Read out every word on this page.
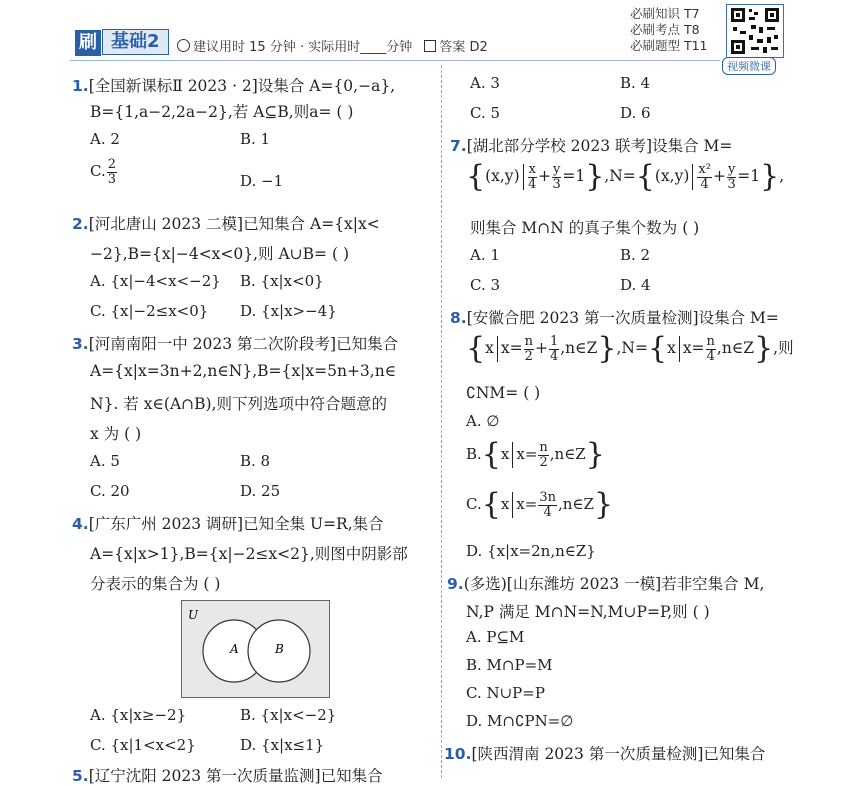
刷 基础2	建议用时 15 分钟 · 实际用时____分钟 答案 D2
必刷知识 T7
必刷考点 T8
必刷题型 T11
视频微课
1.[全国新课标Ⅱ 2023 · 2]设集合 A={0,−a},
B={1,a−2,2a−2},若 A⊆B,则a= ( )
A. 2	B. 1
C. $\frac{2}{3}$	D. −1
2.[河北唐山 2023 二模]已知集合 A={x|x<
−2},B={x|−4<x<0},则 A∪B= ( )
A. {x|−4<x<−2} B. {x|x<0}
C. {x|−2≤x<0} D. {x|x>−4}
3.[河南南阳一中 2023 第二次阶段考]已知集合
A={x|x=3n+2,n∈N},B={x|x=5n+3,n∈
N}. 若 x∈(A∩B),则下列选项中符合题意的
x 为 ( )
A. 5	B. 8
C. 20	D. 25
4.[广东广州 2023 调研]已知全集 U=R,集合
A={x|x>1},B={x|−2≤x<2},则图中阴影部
分表示的集合为 ( )
U
A	B
A. {x|x≥−2}	B. {x|x<−2}
C. {x|1<x<2}	D. {x|x≤1}
5.[辽宁沈阳 2023 第一次质量监测]已知集合
A. 3	B. 4
C. 5	D. 6
7.[湖北部分学校 2023 联考]设集合 M=
$\{(x,y) \frac{x}{4} + \frac{y}{3} =1\},N=\{(x,y) \frac{\text{x²}}{4} + \frac{y}{3} =1\}$,
则集合 M∩N 的真子集个数为 ( )
A. 1	B. 2
C. 3	D. 4
8.[安徽合肥 2023 第一次质量检测]设集合 M=
{x $x= \frac{n}{2} + \frac{1}{4}$ ,n∈Z},N={x $x= \frac{n}{4}$ ,n∈Z},则
∁NM= ( )
A. ∅
B.{x $x= \frac{n}{2}$ ,n∈Z}
C.{x $x= \frac{3n}{4}$ ,n∈Z}
D. {x|x=2n,n∈Z}
9.(多选)[山东潍坊 2023 一模]若非空集合 M,
N,P 满足 M∩N=N,M∪P=P,则 ( )
A. P⊆M
B. M∩P=M
C. N∪P=P
D. M∩∁PN=∅
10.[陕西渭南 2023 第一次质量检测]已知集合
